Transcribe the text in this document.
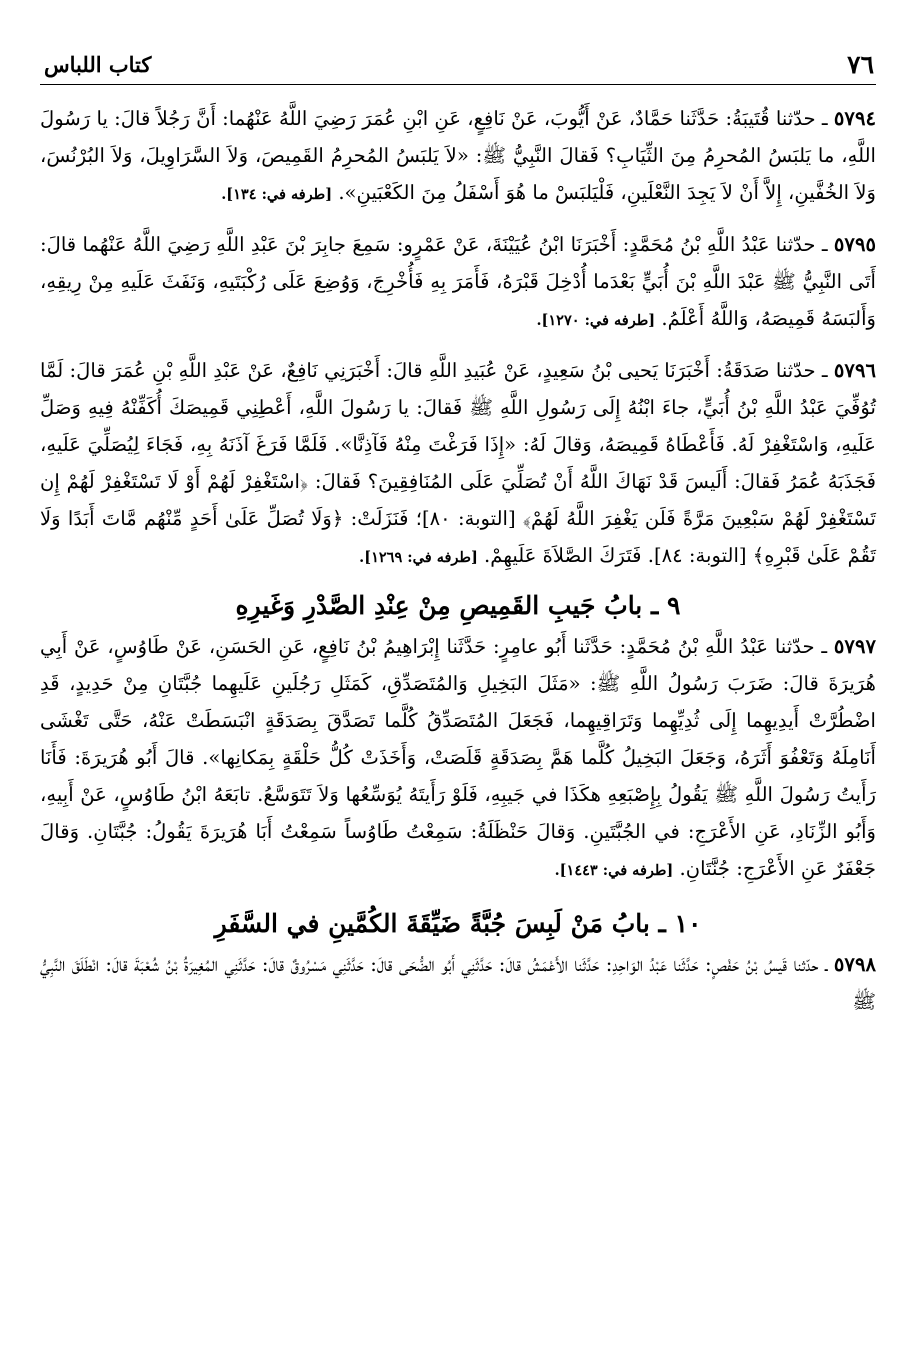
٧٦
كتاب اللباس

٥٧٩٤ ـ حدّثنا قُتَيبَةُ: حَدَّثَنا حَمَّادٌ، عَنْ أَيُّوبَ، عَنْ نَافِعٍ، عَنِ ابْنِ عُمَرَ رَضِيَ اللَّهُ عَنْهُما: أَنَّ رَجُلاً قالَ: يا رَسُولَ اللَّهِ، ما يَلبَسُ المُحرِمُ مِنَ الثِّيَابِ؟ فَقالَ النَّبِيُّ ﷺ: «لاَ يَلبَسُ المُحرِمُ القَمِيصَ، وَلاَ السَّرَاوِيلَ، وَلاَ البُرْنُسَ، وَلاَ الخُفَّينِ، إِلاَّ أَنْ لاَ يَجِدَ النَّعْلَينِ، فَلْيَلبَسْ ما هُوَ أَسْفَلُ مِنَ الكَعْبَينِ». [طرفه في: ١٣٤].

٥٧٩٥ ـ حدّثنا عَبْدُ اللَّهِ بْنُ مُحَمَّدٍ: أَخْبَرَنَا ابْنُ عُيَيْنَةَ، عَنْ عَمْرٍو: سَمِعَ جابِرَ بْنَ عَبْدِ اللَّهِ رَضِيَ اللَّهُ عَنْهُما قالَ: أَتَى النَّبِيُّ ﷺ عَبْدَ اللَّهِ بْنَ أُبَيٍّ بَعْدَما أُدْخِلَ قَبْرَهُ، فَأَمَرَ بِهِ فَأُخْرِجَ، وَوُضِعَ عَلَى رُكْبَتَيهِ، وَنَفَثَ عَلَيهِ مِنْ رِيقِهِ، وَأَلبَسَهُ قَمِيصَهُ، وَاللَّهُ أَعْلَمُ. [طرفه في: ١٢٧٠].

٥٧٩٦ ـ حدّثنا صَدَقَةُ: أَخْبَرَنَا يَحيى بْنُ سَعِيدٍ، عَنْ عُبَيدِ اللَّهِ قالَ: أَخْبَرَنِي نَافِعٌ، عَنْ عَبْدِ اللَّهِ بْنِ عُمَرَ قالَ: لَمَّا تُوُفِّيَ عَبْدُ اللَّهِ بْنُ أُبَيٍّ، جاءَ ابْنُهُ إِلَى رَسُولِ اللَّهِ ﷺ فَقالَ: يا رَسُولَ اللَّهِ، أَعْطِنِي قَمِيصَكَ أُكَفِّنْهُ فِيهِ وَصَلِّ عَلَيهِ، وَاسْتَغْفِرْ لَهُ. فَأَعْطَاهُ قَمِيصَهُ، وَقالَ لَهُ: «إِذَا فَرَغْتَ مِنْهُ فَآذِنَّا». فَلَمَّا فَرَغَ آذَنَهُ بِهِ، فَجَاءَ لِيُصَلِّيَ عَلَيهِ، فَجَذَبَهُ عُمَرُ فَقالَ: أَلَيسَ قَدْ نَهَاكَ اللَّهُ أَنْ تُصَلِّيَ عَلَى المُنَافِقِينَ؟ فَقالَ: ﴿اسْتَغْفِرْ لَهُمْ أَوْ لَا تَسْتَغْفِرْ لَهُمْ إِن تَسْتَغْفِرْ لَهُمْ سَبْعِينَ مَرَّةً فَلَن يَغْفِرَ اللَّهُ لَهُمْ﴾ [التوبة: ٨٠]؛ فَنَزَلَتْ: ﴿وَلَا تُصَلِّ عَلَىٰ أَحَدٍ مِّنْهُم مَّاتَ أَبَدًا وَلَا تَقُمْ عَلَىٰ قَبْرِهِ﴾ [التوبة: ٨٤]. فَتَرَكَ الصَّلاَةَ عَلَيهِمْ. [طرفه في: ١٢٦٩].

٩ ـ بابُ جَيبِ القَمِيصِ مِنْ عِنْدِ الصَّدْرِ وَغَيرِهِ

٥٧٩٧ ـ حدّثنا عَبْدُ اللَّهِ بْنُ مُحَمَّدٍ: حَدَّثَنا أَبُو عامِرٍ: حَدَّثَنا إِبْرَاهِيمُ بْنُ نَافِعٍ، عَنِ الحَسَنِ، عَنْ طَاوُسٍ، عَنْ أَبِي هُرَيرَةَ قالَ: ضَرَبَ رَسُولُ اللَّهِ ﷺ: «مَثَلَ البَخِيلِ وَالمُتَصَدِّقِ، كَمَثَلِ رَجُلَينِ عَلَيهِما جُبَّتَانِ مِنْ حَدِيدٍ، قَدِ اضْطُرَّتْ أَيدِيهِما إِلَى ثُدِيِّهِما وَتَرَاقِيهِما، فَجَعَلَ المُتَصَدِّقُ كُلَّما تَصَدَّقَ بِصَدَقَةٍ انْبَسَطَتْ عَنْهُ، حَتَّى تَغْشَى أَنَامِلَهُ وَتَعْفُوَ أَثَرَهُ، وَجَعَلَ البَخِيلُ كُلَّما هَمَّ بِصَدَقَةٍ قَلَصَتْ، وَأَخَذَتْ كُلُّ حَلْقَةٍ بِمَكانِها». قالَ أَبُو هُرَيرَةَ: فَأَنَا رَأَيتُ رَسُولَ اللَّهِ ﷺ يَقُولُ بِإِصْبَعِهِ هكَذَا في جَيبِهِ، فَلَوْ رَأَيتَهُ يُوَسِّعُها وَلاَ تَتَوَسَّعُ. تابَعَهُ ابْنُ طَاوُسٍ، عَنْ أَبِيهِ، وَأَبُو الزِّنَادِ، عَنِ الأَعْرَجِ: في الجُبَّتَينِ. وَقالَ حَنْظَلَةُ: سَمِعْتُ طَاوُساً سَمِعْتُ أَبَا هُرَيرَةَ يَقُولُ: جُبَّتَانِ. وَقالَ جَعْفَرٌ عَنِ الأَعْرَجِ: جُنَّتَانِ. [طرفه في: ١٤٤٣].

١٠ ـ بابُ مَنْ لَبِسَ جُبَّةً ضَيِّقَةَ الكُمَّينِ في السَّفَرِ

٥٧٩٨ ـ حدّثنا قَيسُ بْنُ حَفْصٍ: حَدَّثَنا عَبْدُ الوَاحِدِ: حَدَّثَنا الأَعْمَشُ قالَ: حَدَّثَنِي أَبُو الضُّحَى قالَ: حَدَّثَنِي مَسْرُوقٌ قالَ: حَدَّثَنِي المُغِيرَةُ بْنُ شُعْبَةَ قالَ: انْطَلَقَ النَّبِيُّ ﷺ
